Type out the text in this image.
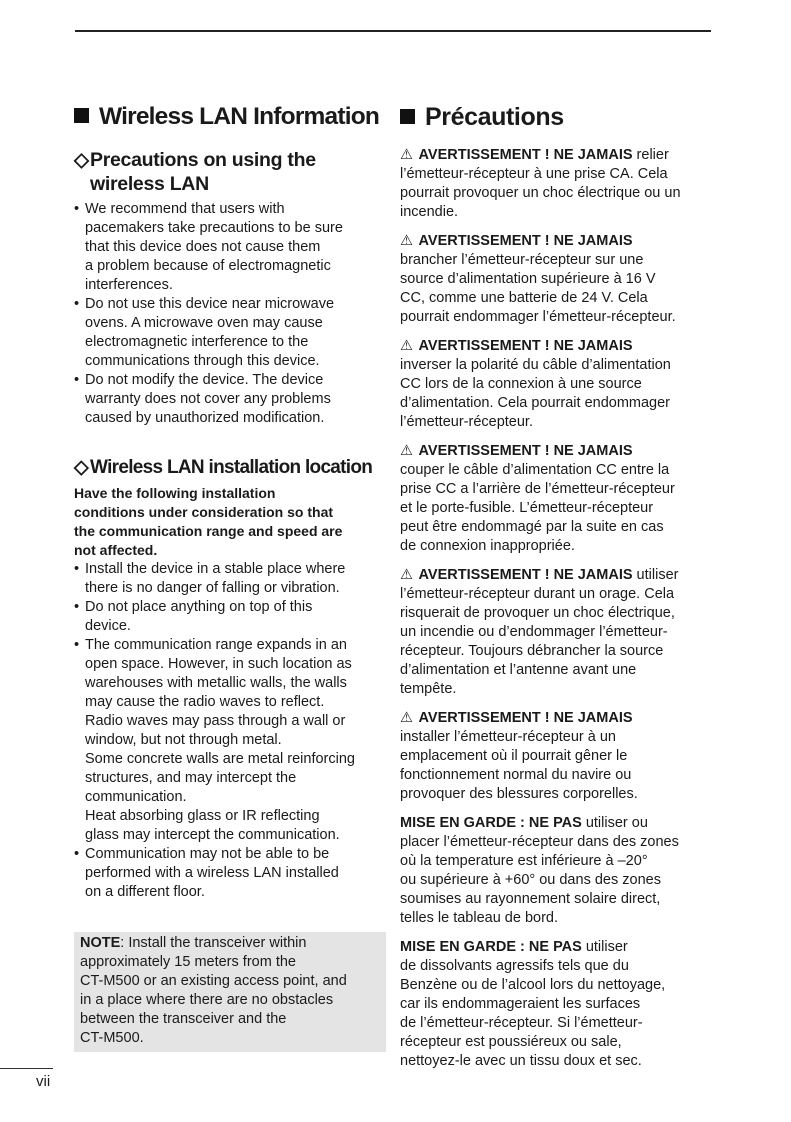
Wireless LAN Information
◇Precautions on using the
wireless LAN
• We recommend that users with
pacemakers take precautions to be sure
that this device does not cause them
a problem because of electromagnetic
interferences.
• Do not use this device near microwave
ovens. A microwave oven may cause
electromagnetic interference to the
communications through this device.
• Do not modify the device. The device
warranty does not cover any problems
caused by unauthorized modification.
◇ Wireless LAN installation location
Have the following installation
conditions under consideration so that
the communication range and speed are
not affected.
• Install the device in a stable place where
there is no danger of falling or vibration.
• Do not place anything on top of this
device.
• The communication range expands in an
open space. However, in such location as
warehouses with metallic walls, the walls
may cause the radio waves to reflect.
Radio waves may pass through a wall or
window, but not through metal.
Some concrete walls are metal reinforcing
structures, and may intercept the
communication.
Heat absorbing glass or IR reflecting
glass may intercept the communication.
• Communication may not be able to be
performed with a wireless LAN installed
on a different floor.
NOTE: Install the transceiver within
approximately 15 meters from the
CT-M500 or an existing access point, and
in a place where there are no obstacles
between the transceiver and the
CT-M500.
Précautions

⚠ AVERTISSEMENT ! NE JAMAIS relier
l’émetteur-récepteur à une prise CA. Cela
pourrait provoquer un choc électrique ou un
incendie.

⚠ AVERTISSEMENT ! NE JAMAIS
brancher l’émetteur-récepteur sur une
source d’alimentation supérieure à 16 V
CC, comme une batterie de 24 V. Cela
pourrait endommager l’émetteur-récepteur.

⚠ AVERTISSEMENT ! NE JAMAIS
inverser la polarité du câble d’alimentation
CC lors de la connexion à une source
d’alimentation. Cela pourrait endommager
l’émetteur-récepteur.

⚠ AVERTISSEMENT ! NE JAMAIS
couper le câble d’alimentation CC entre la
prise CC a l’arrière de l’émetteur-récepteur
et le porte-fusible. L’émetteur-récepteur
peut être endommagé par la suite en cas
de connexion inappropriée.

⚠ AVERTISSEMENT ! NE JAMAIS utiliser
l’émetteur-récepteur durant un orage. Cela
risquerait de provoquer un choc électrique,
un incendie ou d’endommager l’émetteur-
récepteur. Toujours débrancher la source
d’alimentation et l’antenne avant une
tempête.

⚠ AVERTISSEMENT ! NE JAMAIS
installer l’émetteur-récepteur à un
emplacement où il pourrait gêner le
fonctionnement normal du navire ou
provoquer des blessures corporelles.

MISE EN GARDE : NE PAS utiliser ou
placer l’émetteur-récepteur dans des zones
où la temperature est inférieure à –20°
ou supérieure à +60° ou dans des zones
soumises au rayonnement solaire direct,
telles le tableau de bord.

MISE EN GARDE : NE PAS utiliser
de dissolvants agressifs tels que du
Benzène ou de l’alcool lors du nettoyage,
car ils endommageraient les surfaces
de l’émetteur-récepteur. Si l’émetteur-
récepteur est poussiéreux ou sale,
nettoyez-le avec un tissu doux et sec.

vii
